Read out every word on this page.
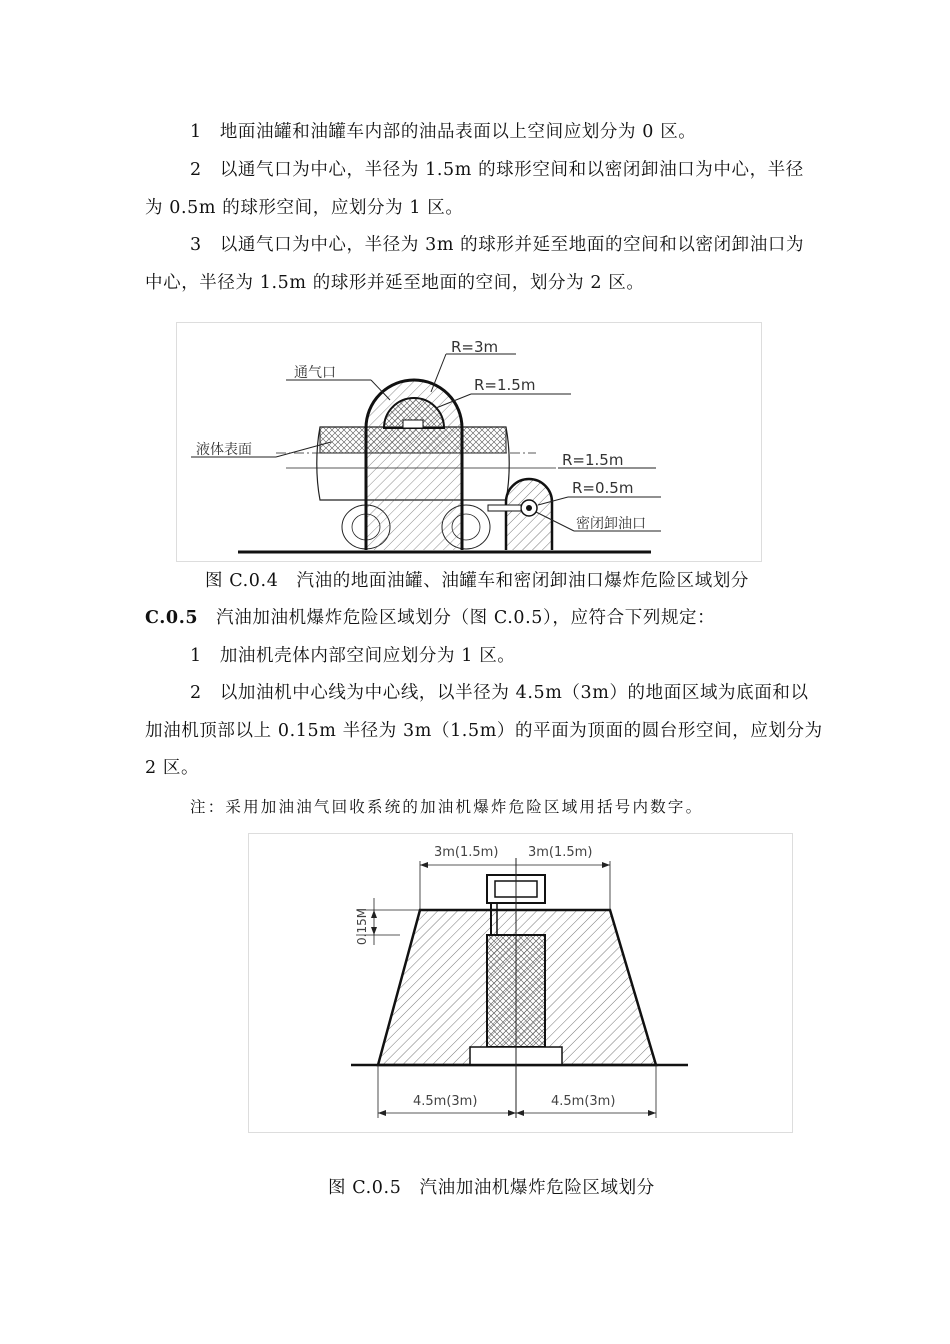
1　地面油罐和油罐车内部的油品表面以上空间应划分为 0 区。
2　以通气口为中心，半径为 1.5m 的球形空间和以密闭卸油口为中心，半径
为 0.5m 的球形空间，应划分为 1 区。
3　以通气口为中心，半径为 3m 的球形并延至地面的空间和以密闭卸油口为
中心，半径为 1.5m 的球形并延至地面的空间，划分为 2 区。
R=3m
通气口
R=1.5m
液体表面
R=1.5m
R=0.5m
密闭卸油口
图 C.0.4　汽油的地面油罐、油罐车和密闭卸油口爆炸危险区域划分
C.0.5 汽油加油机爆炸危险区域划分（图 C.0.5），应符合下列规定：
1　加油机壳体内部空间应划分为 1 区。
2　以加油机中心线为中心线，以半径为 4.5m（3m）的地面区域为底面和以
加油机顶部以上 0.15m 半径为 3m（1.5m）的平面为顶面的圆台形空间，应划分为
2 区。
注：采用加油油气回收系统的加油机爆炸危险区域用括号内数字。
3m(1.5m) 3m(1.5m)
0.15M
4.5m(3m)	4.5m(3m)
图 C.0.5　汽油加油机爆炸危险区域划分
